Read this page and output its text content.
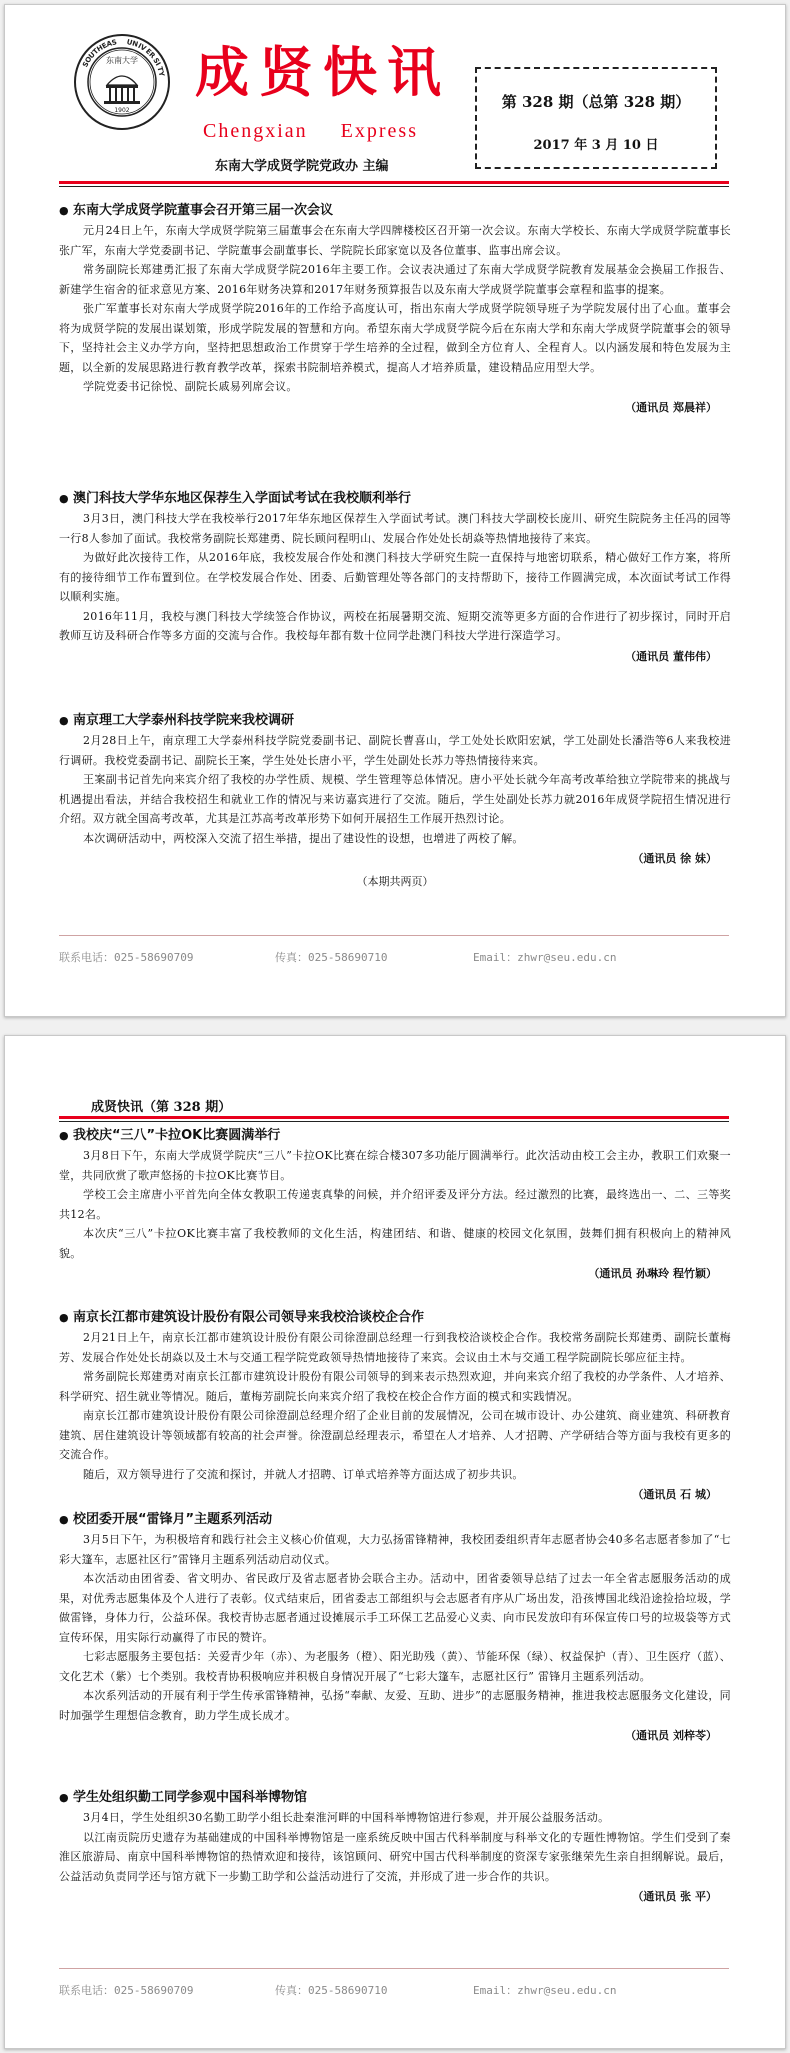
SO
UT
HE
AS UN
IV
ER
SI
TY
东南大学
1902
成贤快讯
Chengxian Express
东南大学成贤学院党政办 主编
第 328 期（总第 328 期）
2017 年 3 月 10 日
● 东南大学成贤学院董事会召开第三届一次会议

元月24日上午，东南大学成贤学院第三届董事会在东南大学四牌楼校区召开第一次会议。东南大学校长、东南大学成贤学院董事长张广军，东南大学党委副书记、学院董事会副董事长、学院院长邱家宽以及各位董事、监事出席会议。

常务副院长郑建勇汇报了东南大学成贤学院2016年主要工作。会议表决通过了东南大学成贤学院教育发展基金会换届工作报告、新建学生宿舍的征求意见方案、2016年财务决算和2017年财务预算报告以及东南大学成贤学院董事会章程和监事的提案。

张广军董事长对东南大学成贤学院2016年的工作给予高度认可，指出东南大学成贤学院领导班子为学院发展付出了心血。董事会将为成贤学院的发展出谋划策，形成学院发展的智慧和方向。希望东南大学成贤学院今后在东南大学和东南大学成贤学院董事会的领导下，坚持社会主义办学方向，坚持把思想政治工作贯穿于学生培养的全过程，做到全方位育人、全程育人。以内涵发展和特色发展为主题，以全新的发展思路进行教育教学改革，探索书院制培养模式，提高人才培养质量，建设精品应用型大学。

学院党委书记徐悦、副院长戚易列席会议。

（通讯员 郑晨祥）
● 澳门科技大学华东地区保荐生入学面试考试在我校顺利举行

3月3日，澳门科技大学在我校举行2017年华东地区保荐生入学面试考试。澳门科技大学副校长庞川、研究生院院务主任冯的园等一行8人参加了面试。我校常务副院长郑建勇、院长顾问程明山、发展合作处处长胡焱等热情地接待了来宾。

为做好此次接待工作，从2016年底，我校发展合作处和澳门科技大学研究生院一直保持与地密切联系，精心做好工作方案，将所有的接待细节工作布置到位。在学校发展合作处、团委、后勤管理处等各部门的支持帮助下，接待工作圆满完成，本次面试考试工作得以顺利实施。

2016年11月，我校与澳门科技大学续签合作协议，两校在拓展暑期交流、短期交流等更多方面的合作进行了初步探讨，同时开启教师互访及科研合作等多方面的交流与合作。我校每年都有数十位同学赴澳门科技大学进行深造学习。

（通讯员 董伟伟）
● 南京理工大学泰州科技学院来我校调研

2月28日上午，南京理工大学泰州科技学院党委副书记、副院长曹喜山，学工处处长欧阳宏斌，学工处副处长潘浩等6人来我校进行调研。我校党委副书记、副院长王案，学生处处长唐小平，学生处副处长苏力等热情接待来宾。

王案副书记首先向来宾介绍了我校的办学性质、规模、学生管理等总体情况。唐小平处长就今年高考改革给独立学院带来的挑战与机遇提出看法，并结合我校招生和就业工作的情况与来访嘉宾进行了交流。随后，学生处副处长苏力就2016年成贤学院招生情况进行介绍。双方就全国高考改革，尤其是江苏高考改革形势下如何开展招生工作展开热烈讨论。

本次调研活动中，两校深入交流了招生举措，提出了建设性的设想，也增进了两校了解。

（通讯员 徐 妹）
（本期共两页）
联系电话：025-58690709	传真：025-58690710	Email：zhwr@seu.edu.cn
成贤快讯（第 328 期）
● 我校庆“三八”卡拉OK比赛圆满举行

3月8日下午，东南大学成贤学院庆“三八”卡拉OK比赛在综合楼307多功能厅圆满举行。此次活动由校工会主办，教职工们欢聚一堂，共同欣赏了歌声悠扬的卡拉OK比赛节目。

学校工会主席唐小平首先向全体女教职工传递衷真挚的问候，并介绍评委及评分方法。经过激烈的比赛，最终选出一、二、三等奖共12名。

本次庆“三八”卡拉OK比赛丰富了我校教师的文化生活，构建团结、和谐、健康的校园文化氛围，鼓舞们拥有积极向上的精神风貌。

（通讯员 孙琳玲 程竹颖）
● 南京长江都市建筑设计股份有限公司领导来我校洽谈校企合作

2月21日上午，南京长江都市建筑设计股份有限公司徐澄副总经理一行到我校洽谈校企合作。我校常务副院长郑建勇、副院长董梅芳、发展合作处处长胡焱以及土木与交通工程学院党政领导热情地接待了来宾。会议由土木与交通工程学院副院长邬应征主持。

常务副院长郑建勇对南京长江都市建筑设计股份有限公司领导的到来表示热烈欢迎，并向来宾介绍了我校的办学条件、人才培养、科学研究、招生就业等情况。随后，董梅芳副院长向来宾介绍了我校在校企合作方面的模式和实践情况。

南京长江都市建筑设计股份有限公司徐澄副总经理介绍了企业目前的发展情况，公司在城市设计、办公建筑、商业建筑、科研教育建筑、居住建筑设计等领域都有较高的社会声誉。徐澄副总经理表示，希望在人才培养、人才招聘、产学研结合等方面与我校有更多的交流合作。

随后，双方领导进行了交流和探讨，并就人才招聘、订单式培养等方面达成了初步共识。

（通讯员 石 城）
● 校团委开展“雷锋月”主题系列活动

3月5日下午，为积极培育和践行社会主义核心价值观，大力弘扬雷锋精神，我校团委组织青年志愿者协会40多名志愿者参加了“七彩大篷车，志愿社区行”雷锋月主题系列活动启动仪式。

本次活动由团省委、省文明办、省民政厅及省志愿者协会联合主办。活动中，团省委领导总结了过去一年全省志愿服务活动的成果，对优秀志愿集体及个人进行了表彰。仪式结束后，团省委志工部组织与会志愿者有序从广场出发，沿孩博国北线沿途捡拾垃圾，学做雷锋，身体力行，公益环保。我校青协志愿者通过设摊展示手工环保工艺品爱心义卖、向市民发放印有环保宣传口号的垃圾袋等方式宣传环保，用实际行动赢得了市民的赞许。

七彩志愿服务主要包括：关爱青少年（赤）、为老服务（橙）、阳光助残（黄）、节能环保（绿）、权益保护（青）、卫生医疗（蓝）、文化艺术（紫）七个类别。我校青协积极响应并积极自身情况开展了“七彩大篷车，志愿社区行” 雷锋月主题系列活动。

本次系列活动的开展有利于学生传承雷锋精神，弘扬“奉献、友爱、互助、进步”的志愿服务精神，推进我校志愿服务文化建设，同时加强学生理想信念教育，助力学生成长成才。

（通讯员 刘梓苓）
● 学生处组织勤工同学参观中国科举博物馆

3月4日，学生处组织30名勤工助学小组长赴秦淮河畔的中国科举博物馆进行参观，并开展公益服务活动。

以江南贡院历史遗存为基础建成的中国科举博物馆是一座系统反映中国古代科举制度与科举文化的专题性博物馆。学生们受到了秦淮区旅游局、南京中国科举博物馆的热情欢迎和接待，该馆顾问、研究中国古代科举制度的资深专家张继荣先生亲自担纲解说。最后，公益活动负责同学还与馆方就下一步勤工助学和公益活动进行了交流，并形成了进一步合作的共识。

（通讯员 张 平）
联系电话：025-58690709	传真：025-58690710	Email：zhwr@seu.edu.cn
